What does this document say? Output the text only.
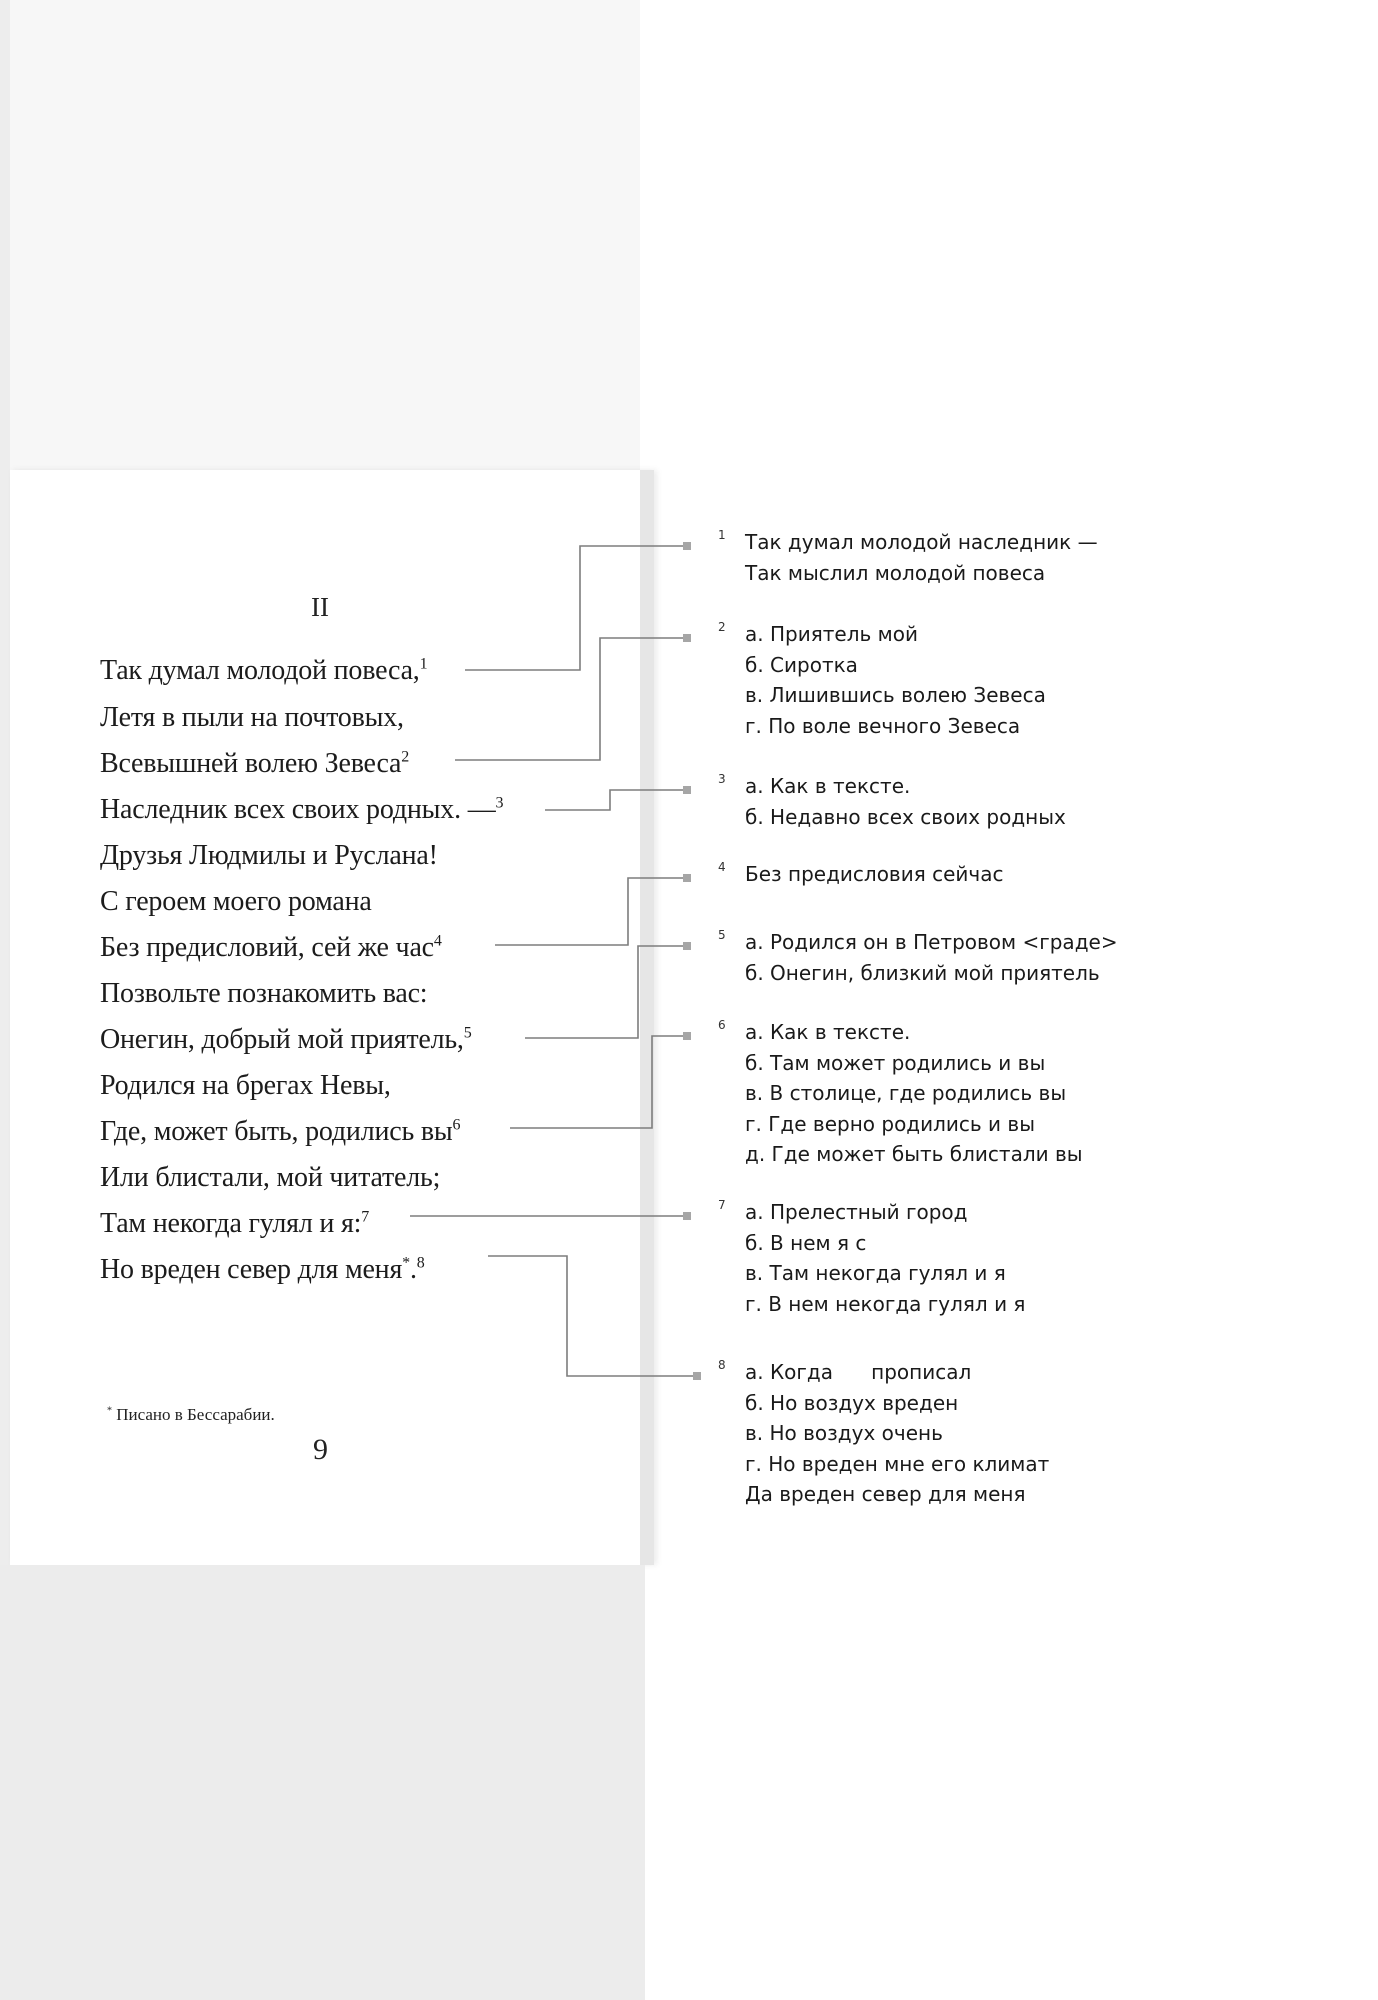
II
Так думал молодой повеса,$^1$
Летя в пыли на почтовых,
Всевышней волею Зевеса$^2$
Наследник всех своих родных. —$^3$
Друзья Людмилы и Руслана!
С героем моего романа
Без предисловий, сей же час$^4$
Позвольте познакомить вас:
Онегин, добрый мой приятель,$^5$
Родился на брегах Невы,
Где, может быть, родились $вы^6$
Или блистали, мой читатель;
Там некогда гулял и я:$^7$
Но вреден север для меня*.$^8$
* Писано в Бессарабии.
9
1 Так думал молодой наследник —
Так мыслил молодой повеса
2 а. Приятель мой
б. Сиротка
в. Лишившись волею Зевеса
г. По воле вечного Зевеса
3 а. Как в тексте.
б. Недавно всех своих родных
4 Без предисловия сейчас
5 а. Родился он в Петровом <граде>
б. Онегин, близкий мой приятель
6 а. Как в тексте.
б. Там может родились и вы
в. В столице, где родились вы
г. Где верно родились и вы
д. Где может быть блистали вы
7 а. Прелестный город
б. В нем я с
в. Там некогда гулял и я
г. В нем некогда гулял и я
8 а. Когда      прописал
б. Но воздух вреден
в. Но воздух очень
г. Но вреден мне его климат
Да вреден север для меня
